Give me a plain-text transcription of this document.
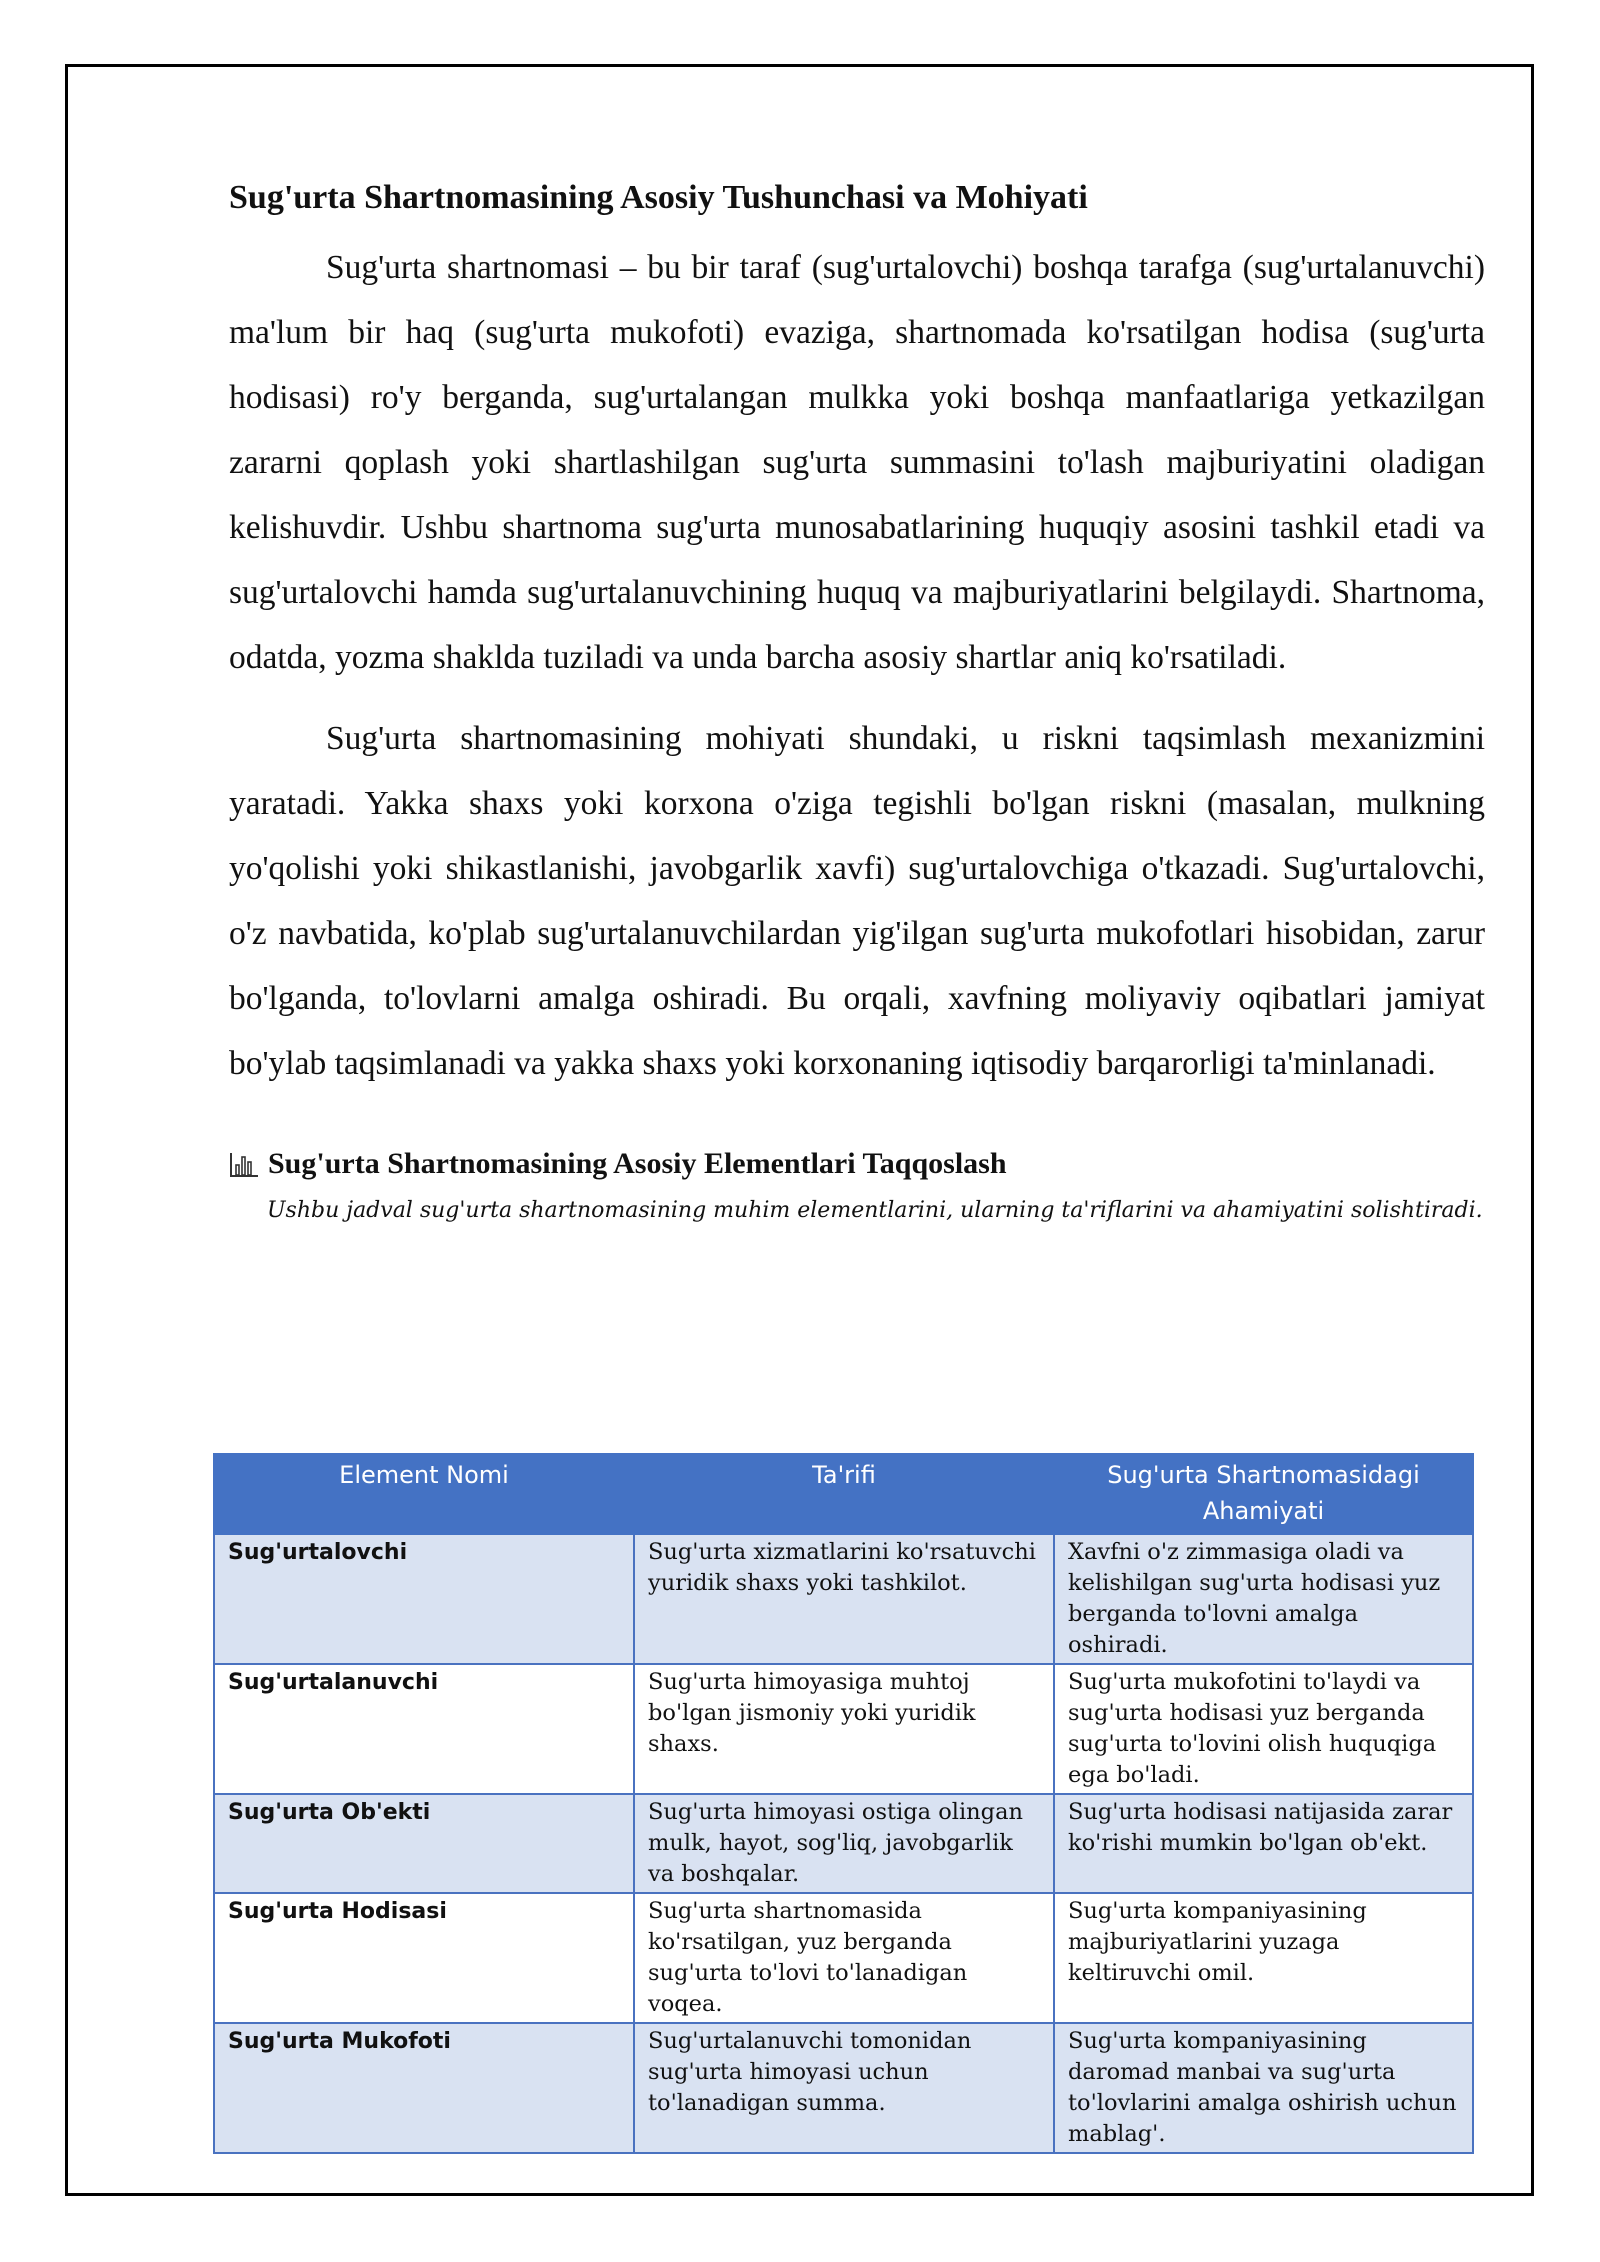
Sug'urta Shartnomasining Asosiy Tushunchasi va Mohiyati

Sug'urta shartnomasi – bu bir taraf (sug'urtalovchi) boshqa tarafga (sug'urtalanuvchi) ma'lum bir haq (sug'urta mukofoti) evaziga, shartnomada ko'rsatilgan hodisa (sug'urta hodisasi) ro'y berganda, sug'urtalangan mulkka yoki boshqa manfaatlariga yetkazilgan zararni qoplash yoki shartlashilgan sug'urta summasini to'lash majburiyatini oladigan kelishuvdir. Ushbu shartnoma sug'urta munosabatlarining huquqiy asosini tashkil etadi va sug'urtalovchi hamda sug'urtalanuvchining huquq va majburiyatlarini belgilaydi. Shartnoma, odatda, yozma shaklda tuziladi va unda barcha asosiy shartlar aniq ko'rsatiladi.

Sug'urta shartnomasining mohiyati shundaki, u riskni taqsimlash mexanizmini yaratadi. Yakka shaxs yoki korxona o'ziga tegishli bo'lgan riskni (masalan, mulkning yo'qolishi yoki shikastlanishi, javobgarlik xavfi) sug'urtalovchiga o'tkazadi. Sug'urtalovchi, o'z navbatida, ko'plab sug'urtalanuvchilardan yig'ilgan sug'urta mukofotlari hisobidan, zarur bo'lganda, to'lovlarni amalga oshiradi. Bu orqali, xavfning moliyaviy oqibatlari jamiyat bo'ylab taqsimlanadi va yakka shaxs yoki korxonaning iqtisodiy barqarorligi ta'minlanadi.

Sug'urta Shartnomasining Asosiy Elementlari Taqqoslash
Ushbu jadval sug'urta shartnomasining muhim elementlarini, ularning ta'riflarini va ahamiyatini solishtiradi.
Element Nomi	Ta'rifi	Sug'urta Shartnomasidagi Ahamiyati
Sug'urtalovchi	Sug'urta xizmatlarini ko'rsatuvchi yuridik shaxs yoki tashkilot.	Xavfni o'z zimmasiga oladi va kelishilgan sug'urta hodisasi yuz berganda to'lovni amalga oshiradi.
Sug'urtalanuvchi	Sug'urta himoyasiga muhtoj bo'lgan jismoniy yoki yuridik shaxs.	Sug'urta mukofotini to'laydi va sug'urta hodisasi yuz berganda sug'urta to'lovini olish huquqiga ega bo'ladi.
Sug'urta Ob'ekti	Sug'urta himoyasi ostiga olingan mulk, hayot, sog'liq, javobgarlik va boshqalar.	Sug'urta hodisasi natijasida zarar ko'rishi mumkin bo'lgan ob'ekt.
Sug'urta Hodisasi	Sug'urta shartnomasida ko'rsatilgan, yuz berganda sug'urta to'lovi to'lanadigan voqea.	Sug'urta kompaniyasining majburiyatlarini yuzaga keltiruvchi omil.
Sug'urta Mukofoti	Sug'urtalanuvchi tomonidan sug'urta himoyasi uchun to'lanadigan summa.	Sug'urta kompaniyasining daromad manbai va sug'urta to'lovlarini amalga oshirish uchun mablag'.
